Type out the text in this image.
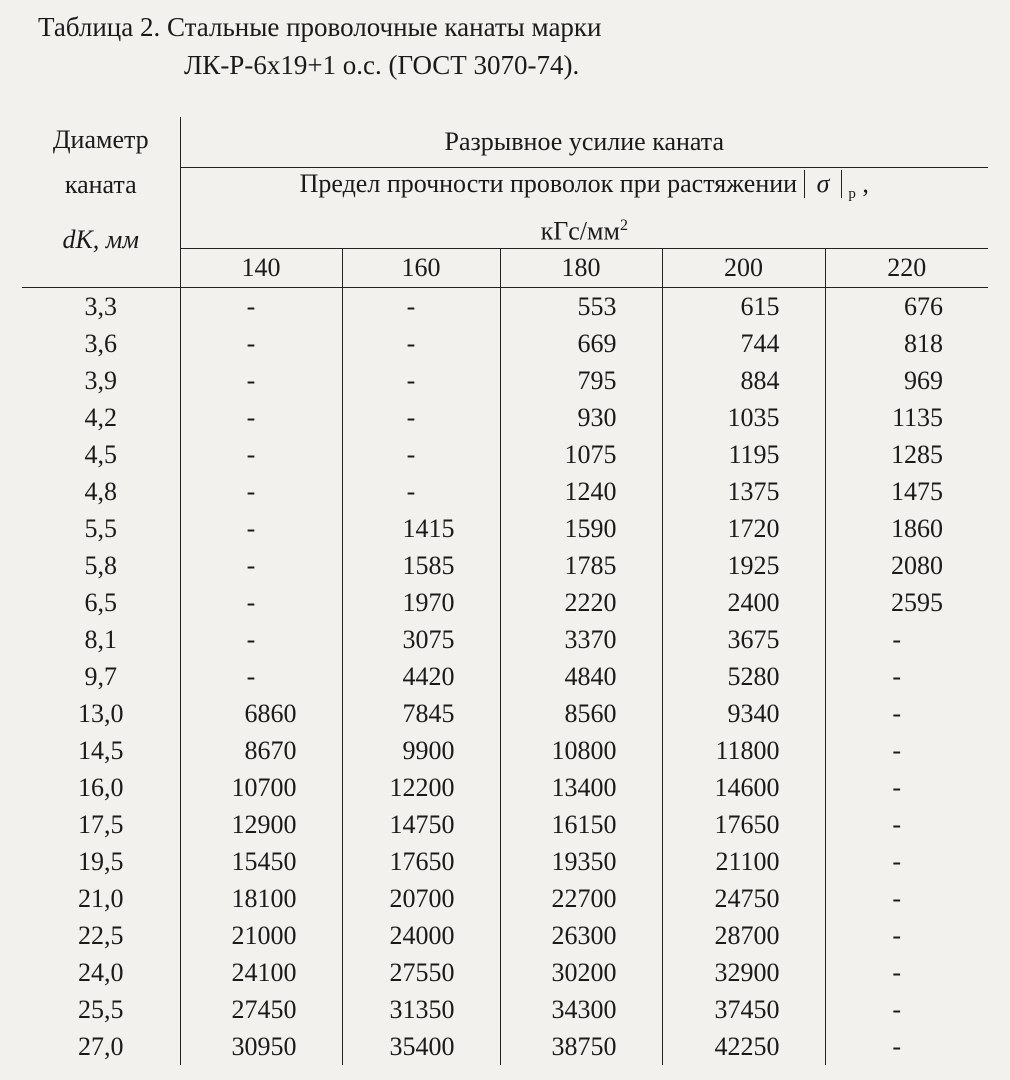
Таблица 2. Стальные проволочные канаты марки
ЛК-Р-6х19+1 о.с. (ГОСТ 3070-74).
Диаметр
каната
dК, мм	Разрывное усилие каната				
	Предел прочности проволок при растяжении σ $_р$ ,
кГс/$мм^2$
	140	160	180	200	220
3,3	-	-	553	615	676
3,6	-	-	669	744	818
3,9	-	-	795	884	969
4,2	-	-	930	1035	1135
4,5	-	-	1075	1195	1285
4,8	-	-	1240	1375	1475
5,5	-	1415	1590	1720	1860
5,8	-	1585	1785	1925	2080
6,5	-	1970	2220	2400	2595
8,1	-	3075	3370	3675	-
9,7	-	4420	4840	5280	-
13,0	6860	7845	8560	9340	-
14,5	8670	9900	10800	11800	-
16,0	10700	12200	13400	14600	-
17,5	12900	14750	16150	17650	-
19,5	15450	17650	19350	21100	-
21,0	18100	20700	22700	24750	-
22,5	21000	24000	26300	28700	-
24,0	24100	27550	30200	32900	-
25,5	27450	31350	34300	37450	-
27,0	30950	35400	38750	42250	-
